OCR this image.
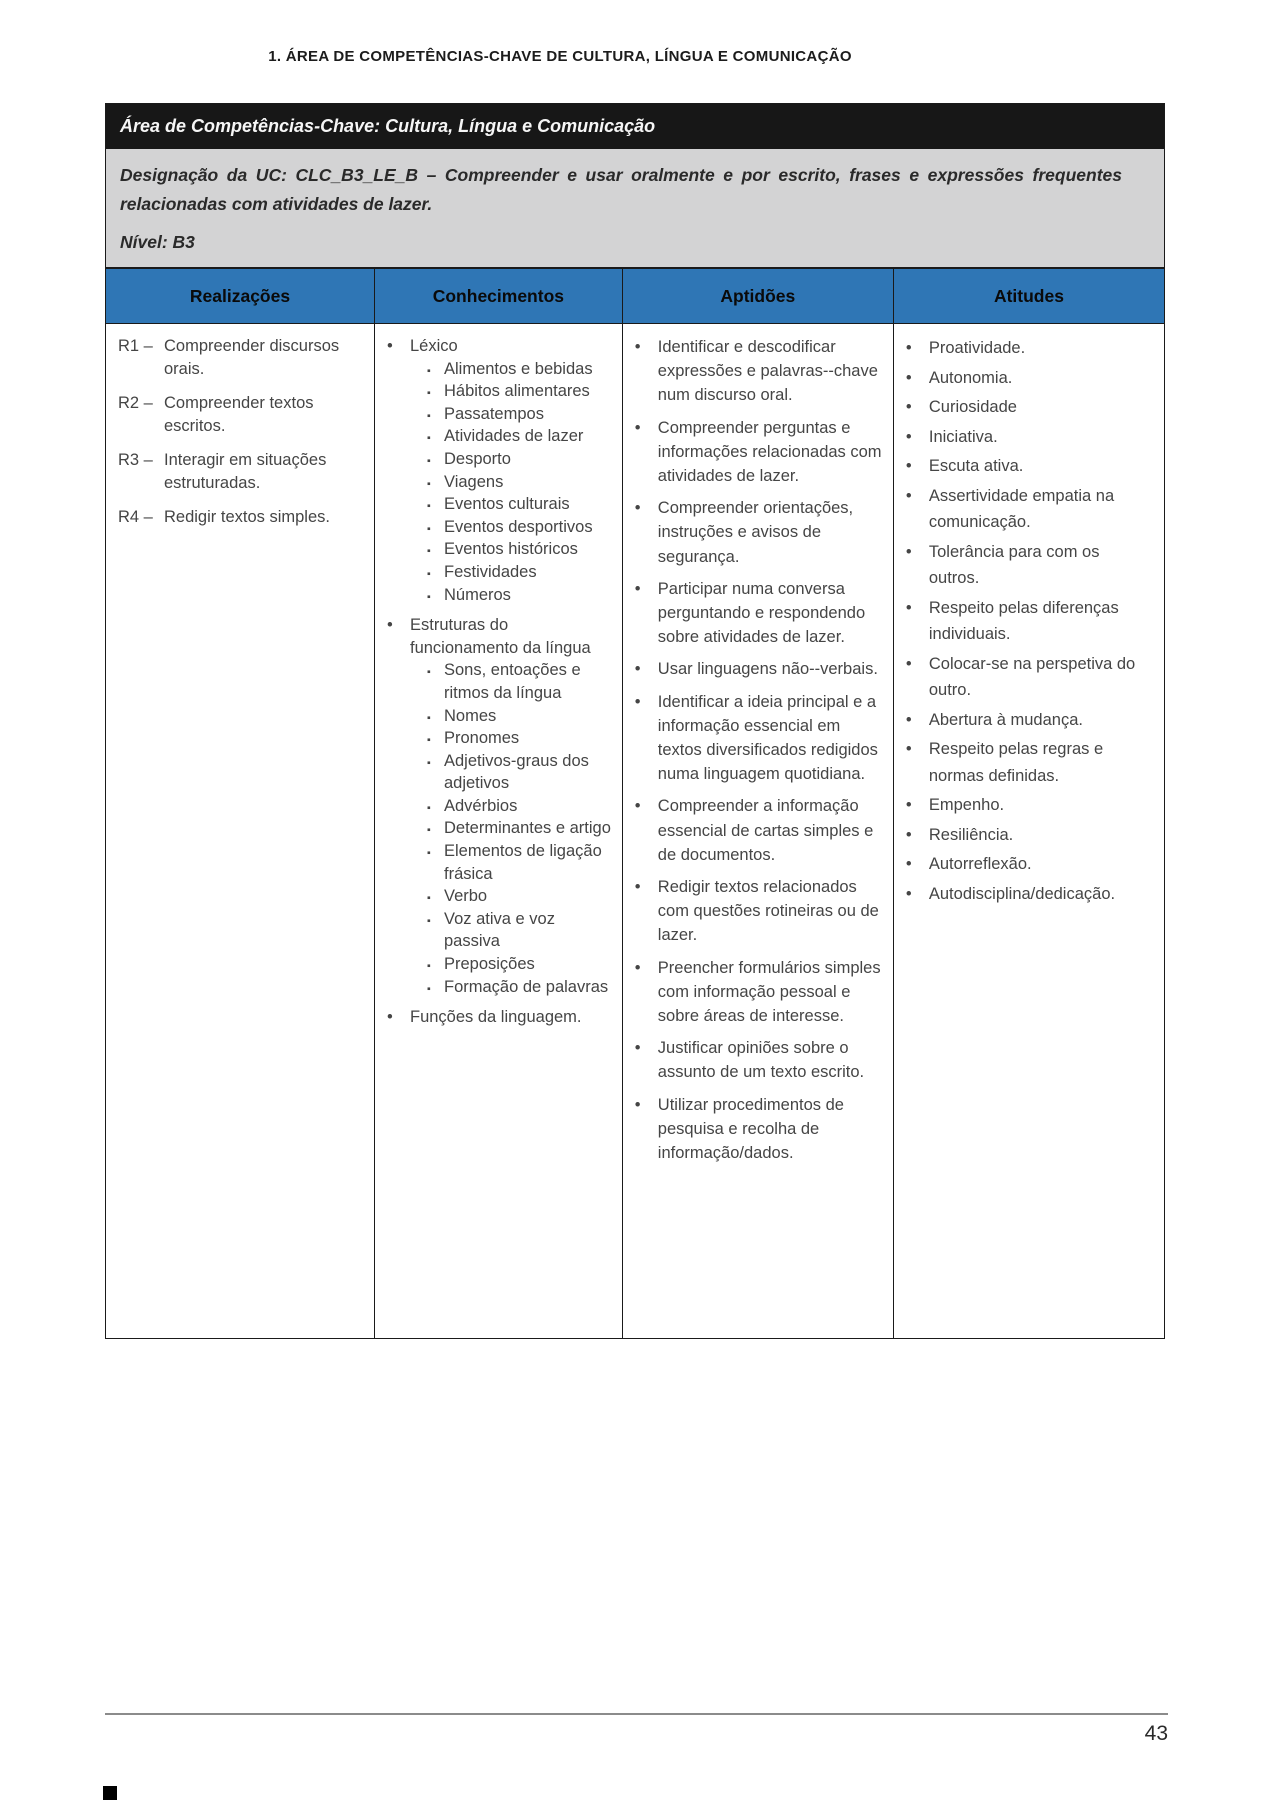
1. ÁREA DE COMPETÊNCIAS-CHAVE DE CULTURA, LÍNGUA E COMUNICAÇÃO
Área de Competências-Chave: Cultura, Língua e Comunicação

Designação da UC: CLC_B3_LE_B – Compreender e usar oralmente e por escrito, frases e expressões frequentes relacionadas com atividades de lazer.

Nível: B3

Realizações	Conhecimentos	Aptidões	Atitudes

R1 – Compreender discursos orais.
R2 – Compreender textos escritos.
R3 – Interagir em situações estruturadas.
R4 – Redigir textos simples.

•	Léxico
▪ Alimentos e bebidas
▪ Hábitos alimentares
▪ Passatempos
▪ Atividades de lazer
▪ Desporto
▪ Viagens
▪ Eventos culturais
▪ Eventos desportivos
▪ Eventos históricos
▪ Festividades
▪ Números
•	Estruturas do funcionamento da língua
▪ Sons, entoações e ritmos da língua
▪ Nomes
▪ Pronomes
▪ Adjetivos-graus dos adjetivos
▪ Advérbios
▪ Determinantes e artigo
▪ Elementos de ligação frásica
▪ Verbo
▪ Voz ativa e voz passiva
▪ Preposições
▪ Formação de palavras
•	Funções da linguagem.

•	Identificar e descodificar expressões e palavras--chave num discurso oral.
•	Compreender perguntas e informações relacionadas com atividades de lazer.
•	Compreender orientações, instruções e avisos de segurança.
•	Participar numa conversa perguntando e respondendo sobre atividades de lazer.
•	Usar linguagens não--verbais.
•	Identificar a ideia principal e a informação essencial em textos diversificados redigidos numa linguagem quotidiana.
•	Compreender a informação essencial de cartas simples e de documentos.
•	Redigir textos relacionados com questões rotineiras ou de lazer.
•	Preencher formulários simples com informação pessoal e sobre áreas de interesse.
•	Justificar opiniões sobre o assunto de um texto escrito.
•	Utilizar procedimentos de pesquisa e recolha de informação/dados.

•	Proatividade.
•	Autonomia.
•	Curiosidade
•	Iniciativa.
•	Escuta ativa.
•	Assertividade empatia na comunicação.
•	Tolerância para com os outros.
•	Respeito pelas diferenças individuais.
•	Colocar-se na perspetiva do outro.
•	Abertura à mudança.
•	Respeito pelas regras e normas definidas.
•	Empenho.
•	Resiliência.
•	Autorreflexão.
•	Autodisciplina/dedicação.
43
